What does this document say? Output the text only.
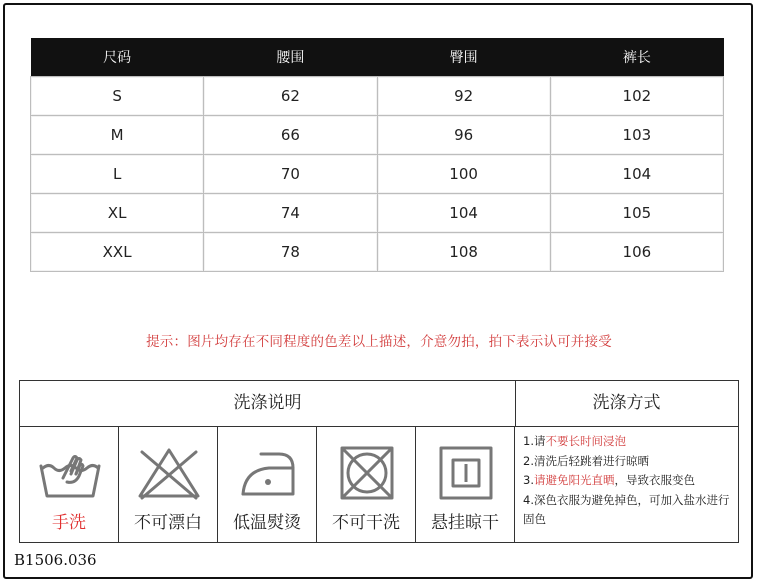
尺码	腰围	臀围	裤长
S	62	92	102
M	66	96	103
L	70	100	104
XL	74	104	105
XXL	78	108	106
提示：图片均存在不同程度的色差以上描述，介意勿拍，拍下表示认可并接受
洗涤说明	洗涤方式
手洗	不可漂白	低温熨烫	不可干洗	悬挂晾干
1.请不要长时间浸泡
2.清洗后轻跳着进行晾晒
3.请避免阳光直晒，导致衣服变色
4.深色衣服为避免掉色，可加入盐水进行固色
B1506.036
